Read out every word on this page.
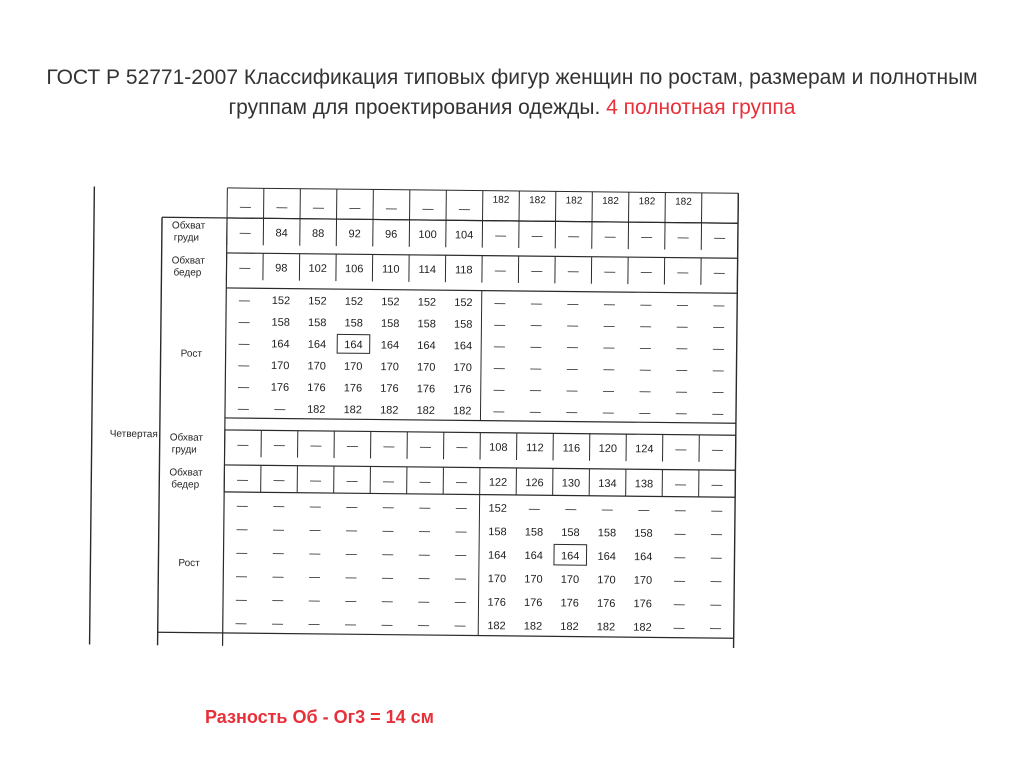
ГОСТ Р 52771-2007 Классификация типовых фигур женщин по ростам, размерам и полнотным группам для проектирования одежды. 4 полнотная группа
— — — — — — —
182 182 182 182 182 182
— 84 88 92 96 100 104 — — — — — — —
Обхват
груди
— 98 102 106 110 114 118 — — — — — — —
Обхват
бедер
— 152 152 152 152 152 152 — — — — — — —
— 158 158 158 158 158 158 — — — — — — —
— 164 164 164 164 164 164 — — — — — — —
— 170 170 170 170 170 170 — — — — — — —
— 176 176 176 176 176 176 — — — — — — —
— — 182 182 182 182 182 — — — — — — —
Рост
— — — — — — — 108 112 116 120 124 — —
Обхват
груди
— — — — — — — 122 126 130 134 138 — —
Обхват
бедер
— — — — — — — 152 — — — — — —
— — — — — — — 158 158 158 158 158 — —
— — — — — — — 164 164 164 164 164 — —
— — — — — — — 170 170 170 170 170 — —
— — — — — — — 176 176 176 176 176 — —
— — — — — — — 182 182 182 182 182 — —
Рост
Четвертая
Разность Об - Ог3 = 14 см
